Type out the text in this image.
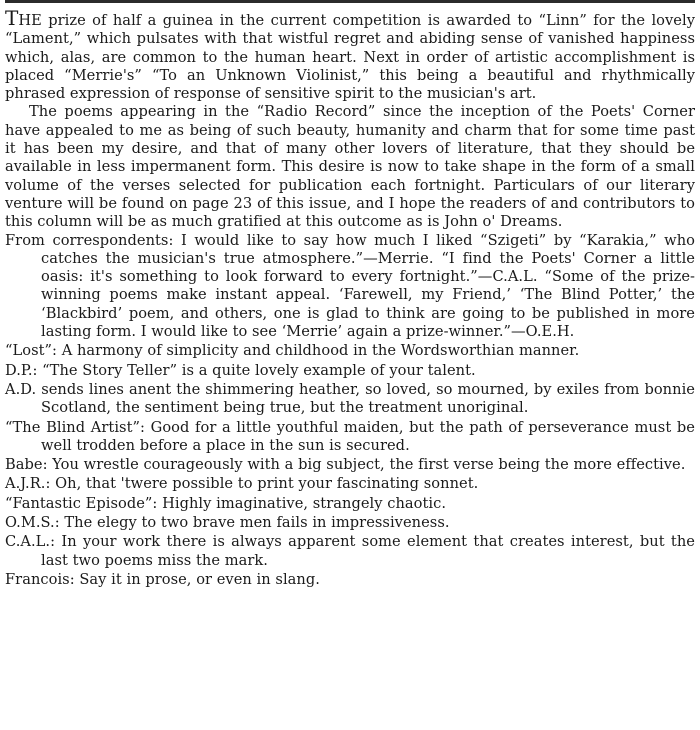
THE prize of half a guinea in the current competition is awarded to “Linn” for the lovely “Lament,” which pulsates with that wistful regret and abiding sense of vanished happiness which, alas, are common to the human heart. Next in order of artistic accomplishment is placed “Merrie's” “To an Unknown Violinist,” this being a beautiful and rhythmically phrased expression of response of sensitive spirit to the musician's art.

The poems appearing in the “Radio Record” since the inception of the Poets' Corner have appealed to me as being of such beauty, humanity and charm that for some time past it has been my desire, and that of many other lovers of literature, that they should be available in less impermanent form. This desire is now to take shape in the form of a small volume of the verses selected for publication each fortnight. Particulars of our literary venture will be found on page 23 of this issue, and I hope the readers of and contributors to this column will be as much gratified at this outcome as is John o' Dreams.

From correspondents: I would like to say how much I liked “Szigeti” by “Karakia,” who catches the musician's true atmosphere.”—Merrie. “I find the Poets' Corner a little oasis: it's something to look forward to every fortnight.”—C.A.L. “Some of the prize-winning poems make instant appeal. ‘Farewell, my Friend,’ ‘The Blind Potter,’ the ‘Blackbird’ poem, and others, one is glad to think are going to be published in more lasting form. I would like to see ‘Merrie’ again a prize-winner.”—O.E.H.

“Lost”: A harmony of simplicity and childhood in the Wordsworthian manner.

D.P.: “The Story Teller” is a quite lovely example of your talent.

A.D. sends lines anent the shimmering heather, so loved, so mourned, by exiles from bonnie Scotland, the sentiment being true, but the treatment unoriginal.

“The Blind Artist”: Good for a little youthful maiden, but the path of perseverance must be well trodden before a place in the sun is secured.

Babe: You wrestle courageously with a big subject, the first verse being the more effective.

A.J.R.: Oh, that 'twere possible to print your fascinating sonnet.

“Fantastic Episode”: Highly imaginative, strangely chaotic.

O.M.S.: The elegy to two brave men fails in impressiveness.

C.A.L.: In your work there is always apparent some element that creates interest, but the last two poems miss the mark.

Francois: Say it in prose, or even in slang.
